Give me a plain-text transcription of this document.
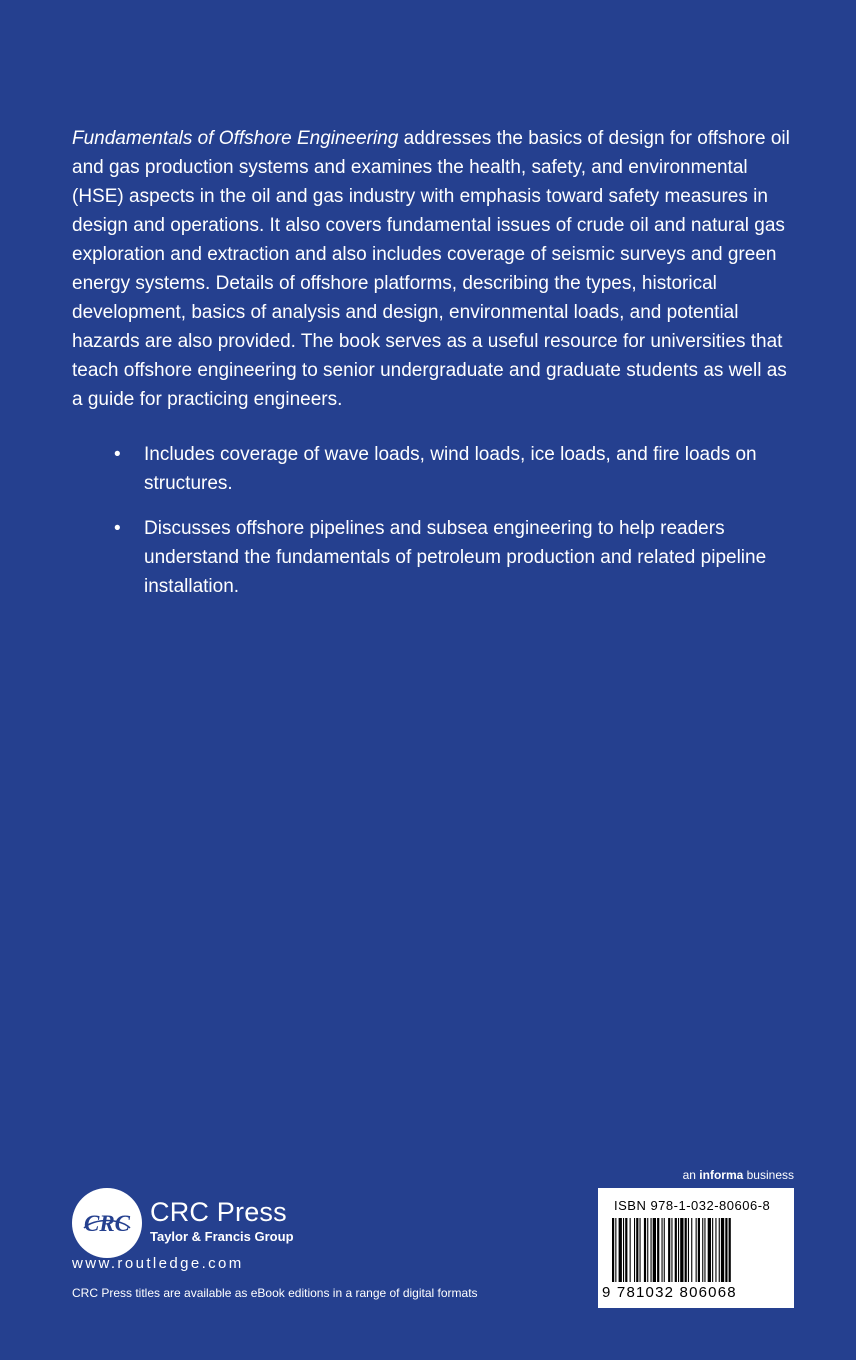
Fundamentals of Offshore Engineering addresses the basics of design for offshore oil and gas production systems and examines the health, safety, and environmental (HSE) aspects in the oil and gas industry with emphasis toward safety measures in design and operations. It also covers fundamental issues of crude oil and natural gas exploration and extraction and also includes coverage of seismic surveys and green energy systems. Details of offshore platforms, describing the types, historical development, basics of analysis and design, environmental loads, and potential hazards are also provided. The book serves as a useful resource for universities that teach offshore engineering to senior undergraduate and graduate students as well as a guide for practicing engineers.

• Includes coverage of wave loads, wind loads, ice loads, and fire loads on structures.
• Discusses offshore pipelines and subsea engineering to help readers understand the fundamentals of petroleum production and related pipeline installation.
CRC CRC Press
Taylor & Francis Group
www.routledge.com
CRC Press titles are available as eBook editions in a range of digital formats
an informa business
ISBN 978-1-032-80606-8
9 781032 806068
